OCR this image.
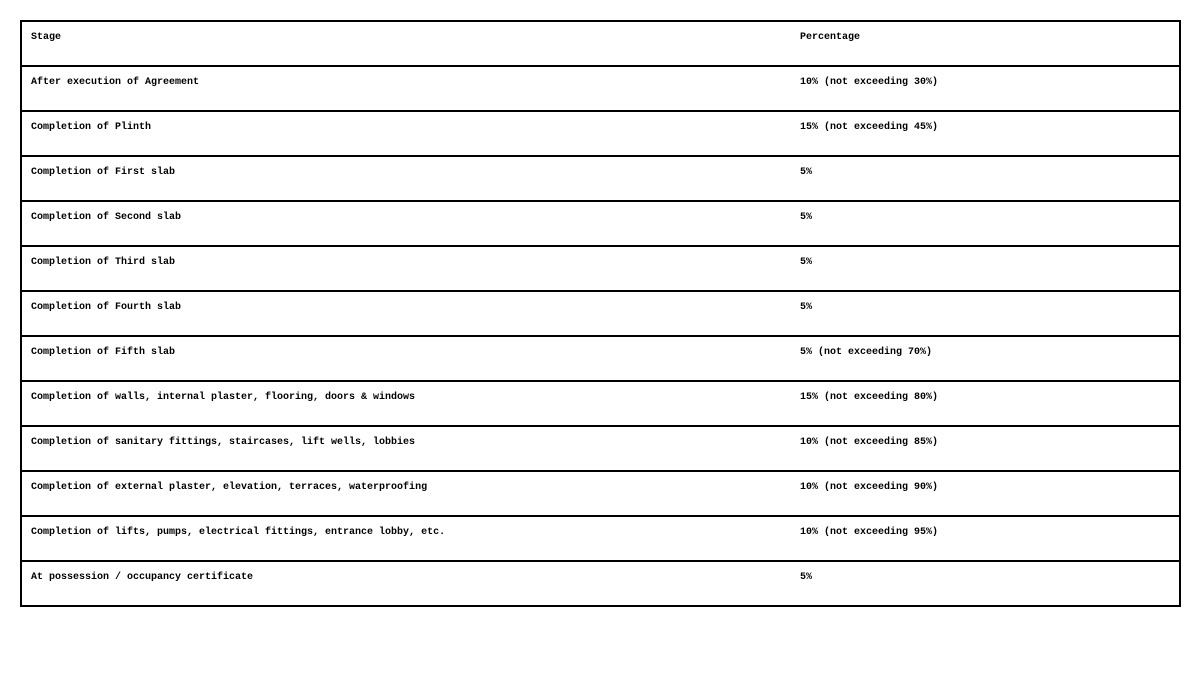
Stage	Percentage
After execution of Agreement	10% (not exceeding 30%)
Completion of Plinth	15% (not exceeding 45%)
Completion of First slab	5%
Completion of Second slab	5%
Completion of Third slab	5%
Completion of Fourth slab	5%
Completion of Fifth slab	5% (not exceeding 70%)
Completion of walls, internal plaster, flooring, doors & windows	15% (not exceeding 80%)
Completion of sanitary fittings, staircases, lift wells, lobbies	10% (not exceeding 85%)
Completion of external plaster, elevation, terraces, waterproofing	10% (not exceeding 90%)
Completion of lifts, pumps, electrical fittings, entrance lobby, etc.	10% (not exceeding 95%)
At possession / occupancy certificate	5%
